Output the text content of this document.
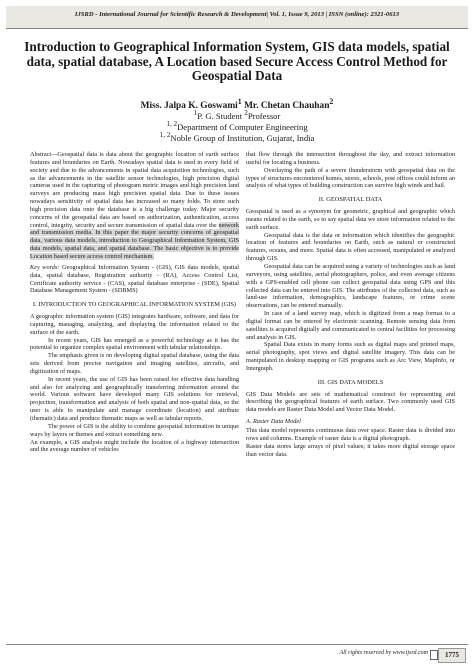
IJSRD - International Journal for Scientific Research & Development| Vol. 1, Issue 9, 2013 | ISSN (online): 2321-0613
Introduction to Geographical Information System, GIS data models, spatial data, spatial database, A Location based Secure Access Control Method for Geospatial Data
Miss. Jalpa K. Goswami$^1$ Mr. Chetan Chauhan$^2$
$^1$P. G. Student $^2$Professor
$^{1, 2}$Department of Computer Engineering
$^{1, 2}$Noble Group of Institution, Gujarat, India

Abstract—Geospatial data is data about the geographic location of earth surface features and boundaries on Earth. Nowadays spatial data is used in every field of society and due to the advancements in spatial data acquisition technologies, such as the advancements in the satellite sensor technologies, high precision digital cameras used in the capturing of photogram metric images and high precision land surveys are producing mass high precision spatial data. Due to these issues nowadays sensitivity of spatial data has increased so many folds. To store such high precision data onto the database is a big challenge today. Major security concerns of the geospatial data are based on authorization, authentication, access control, integrity, security and secure transmission of spatial data over the network and transmission media. In this paper the major security concerns of geospatial data, various data models, introduction to Geographical Information System, GIS data models, spatial data, and spatial database. The basic objective is to provide Location based secure access control mechanism.

Key words: Geographical Information System - (GIS), GIS data models, spatial data, spatial database, Registration authority - (RA), Access Control List, Certificate authority service - (CAS), spatial database enterprise - (SDE), Spatial Database Management System - (SDBMS)

I. INTRODUCTION TO GEOGRAPHICAL INFORMATION SYSTEM (GIS)

A geographic information system (GIS) integrates hardware, software, and data for capturing, managing, analyzing, and displaying the information related to the surface of the earth.

In recent years, GIS has emerged as a powerful technology as it has the potential to organize complex spatial environment with tabular relationships.

The emphasis given is on developing digital spatial database, using the data sets derived from precise navigation and imaging satellites, aircrafts, and digitization of maps.

In recent years, the use of GIS has been raised for effective data handling and also for analyzing and geographically transferring information around the world. Various software have developed many GIS solutions for retrieval, projection, transformation and analysis of both spatial and non-spatial data, so the user is able to manipulate and manage coordinate (location) and attribute (thematic) data and produce thematic maps as well as tabular reports.

The power of GIS is the ability to combine geospatial information in unique ways by layers or themes and extract something new.

An example, a GIS analysis might include the location of a highway intersection and the average number of vehicles

that flow through the intersection throughout the day, and extract information useful for locating a business.

Overlaying the path of a severe thunderstorm with geospatial data on the types of structures encountered homes, stores, schools, post offices could inform an analysis of what types of building construction can survive high winds and hail.

II. GEOSPATIAL DATA

Geospatial is used as a synonym for geometric, graphical and geographic which means related to the earth, so to say spatial data we store information related to the earth surface.

Geospatial data is the data or information which identifies the geographic location of features and boundaries on Earth, such as natural or constructed features, oceans, and more. Spatial data is often accessed, manipulated or analyzed through GIS.

Geospatial data can be acquired using a variety of technologies such as land surveyors, using satellites, aerial photographers, police, and even average citizens with a GPS-enabled cell phone can collect geospatial data using GPS and this collected data can be entered into GIS. The attributes of the collected data, such as land-use information, demographics, landscape features, or crime scene observations, can be entered manually.

In case of a land survey map, which is digitized from a map format to a digital format can be entered by electronic scanning. Remote sensing data from satellites is acquired digitally and communicated to central facilities for processing and analysis in GIS.

Spatial Data exists in many forms such as digital maps and printed maps, aerial photography, spot views and digital satellite imagery. This data can be manipulated in desktop mapping or GIS programs such as Arc View, MapInfo, or Intergraph.

III. GIS DATA MODELS

GIS Data Models are sets of mathematical construct for representing and describing the geographical features of earth surface. Two commonly used GIS data models are Raster Data Model and Vector Data Model.

A. Raster Data Model

This data model represents continuous data over space. Raster data is divided into rows and columns. Example of raster data is a digital photograph.

Raster data stores large arrays of pixel values; it takes more digital storage space than vector data.

All rights reserved by www.ijsrd.com	1775
